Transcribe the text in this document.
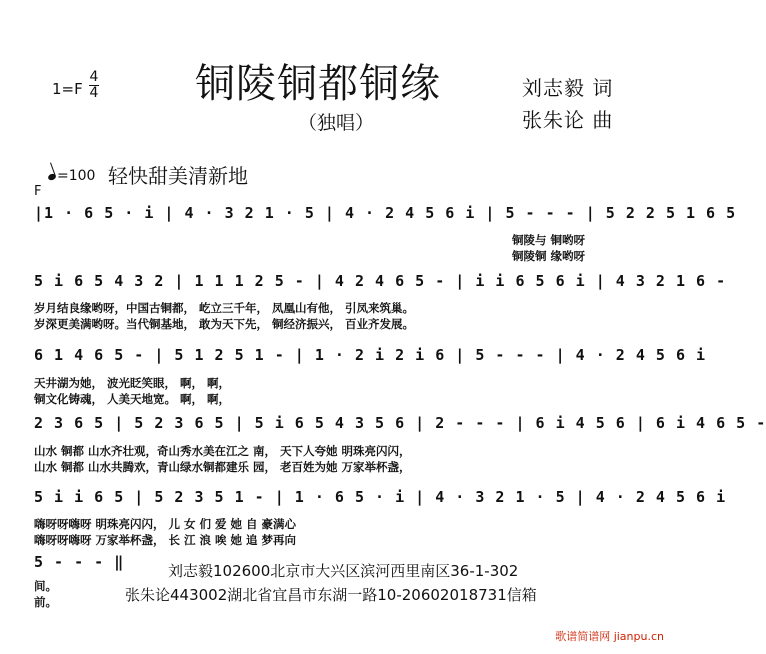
1=F
4
4 铜陵铜都铜缘
（独唱）
刘志毅 词
张朱论 曲
=100 轻快甜美清新地
F
|1 · 6 5 · i | 4 · 3 2 1 · 5 | 4 · 2 4 5 6 i | 5 - - - | 5 2 2 5 1 6 5
铜陵与 铜哟呀
铜陵铜 缘哟呀
5 i 6 5 4 3 2 | 1 1 1 2 5 - | 4 2 4 6 5 - | i i 6 5 6 i | 4 3 2 1 6 -
岁月结良缘哟呀，中国古铜都， 屹立三千年， 凤凰山有他， 引凤来筑巢。
岁深更美满哟呀。当代铜基地， 敢为天下先， 铜经济振兴， 百业齐发展。
6 1 4 6 5 - | 5 1 2 5 1 - | 1 · 2 i 2 i 6 | 5 - - - | 4 · 2 4 5 6 i
天井湖为她， 波光眨笑眼， 啊， 啊，
铜文化铸魂， 人美天地宽。 啊， 啊，
2 3 6 5 | 5 2 3 6 5 | 5 i 6 5 4 3 5 6 | 2 - - - | 6 i 4 5 6 | 6 i 4 6 5 -
山水 铜都 山水齐壮观，奇山秀水美在江之 南， 天下人夸她 明珠亮闪闪，
山水 铜都 山水共腾欢，青山绿水铜都建乐 园， 老百姓为她 万家举杯盏，
5 i i 6 5 | 5 2 3 5 1 - | 1 · 6 5 · i | 4 · 3 2 1 · 5 | 4 · 2 4 5 6 i
嗨呀呀嗨呀 明珠亮闪闪， 儿 女 们 爱 她 自 豪满心
嗨呀呀嗨呀 万家举杯盏， 长 江 浪 唉 她 追 梦再向
5 - - - ‖
间。
前。
刘志毅102600北京市大兴区滨河西里南区36-1-302
张朱论443002湖北省宜昌市东湖一路10-20602018731信箱
歌谱简谱网 jianpu.cn
